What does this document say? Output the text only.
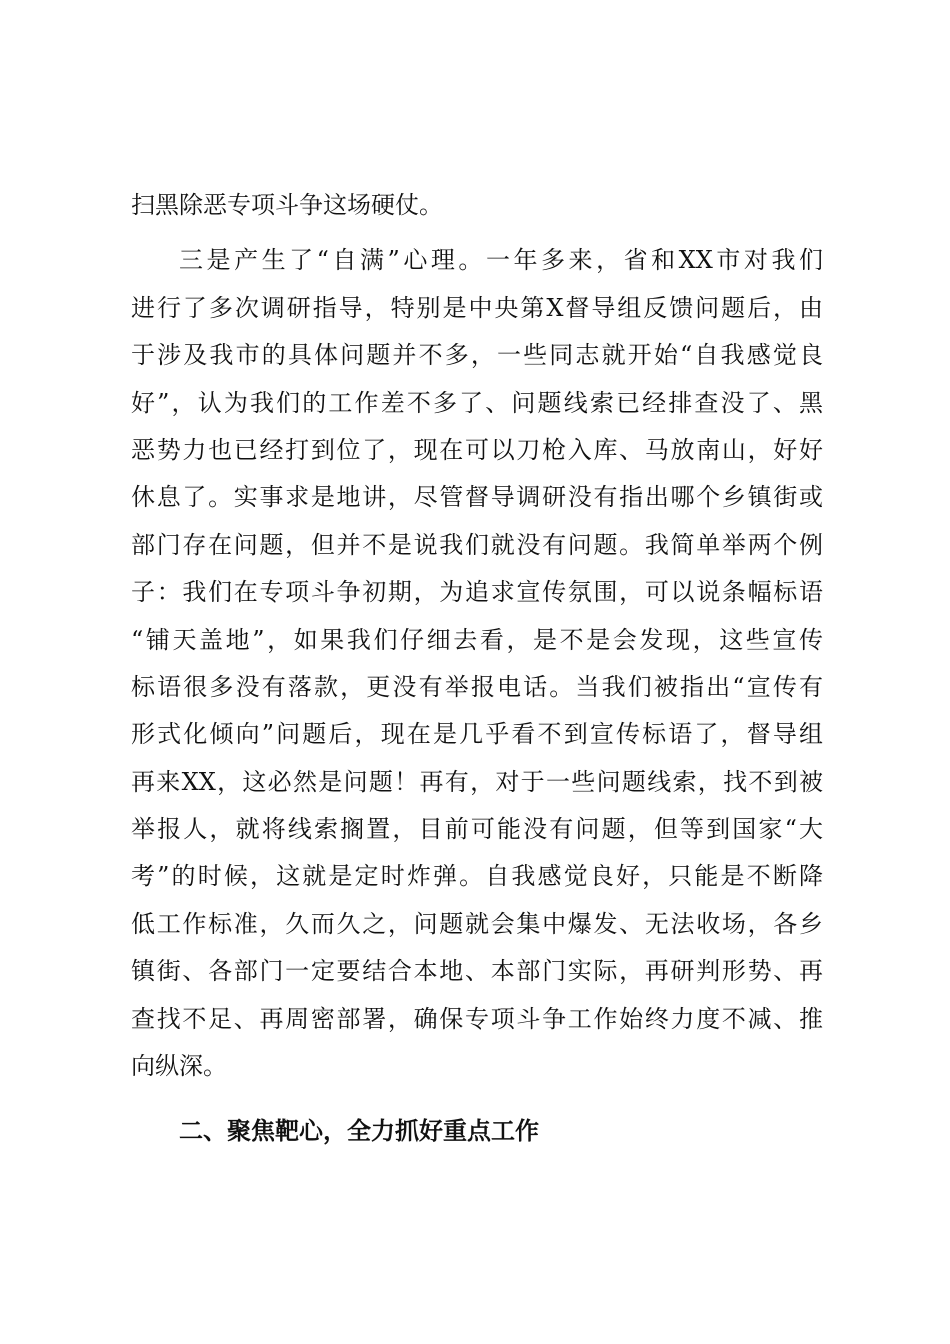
扫黑除恶专项斗争这场硬仗。
三是产生了“自满”心理。一年多来，省和XX市对我们
进行了多次调研指导，特别是中央第X督导组反馈问题后，由
于涉及我市的具体问题并不多，一些同志就开始“自我感觉良
好”，认为我们的工作差不多了、问题线索已经排查没了、黑
恶势力也已经打到位了，现在可以刀枪入库、马放南山，好好
休息了。实事求是地讲，尽管督导调研没有指出哪个乡镇街或
部门存在问题，但并不是说我们就没有问题。我简单举两个例
子：我们在专项斗争初期，为追求宣传氛围，可以说条幅标语
“铺天盖地”，如果我们仔细去看，是不是会发现，这些宣传
标语很多没有落款，更没有举报电话。当我们被指出“宣传有
形式化倾向”问题后，现在是几乎看不到宣传标语了，督导组
再来XX，这必然是问题！再有，对于一些问题线索，找不到被
举报人，就将线索搁置，目前可能没有问题，但等到国家“大
考”的时候，这就是定时炸弹。自我感觉良好，只能是不断降
低工作标准，久而久之，问题就会集中爆发、无法收场，各乡
镇街、各部门一定要结合本地、本部门实际，再研判形势、再
查找不足、再周密部署，确保专项斗争工作始终力度不减、推
向纵深。
二、聚焦靶心，全力抓好重点工作
